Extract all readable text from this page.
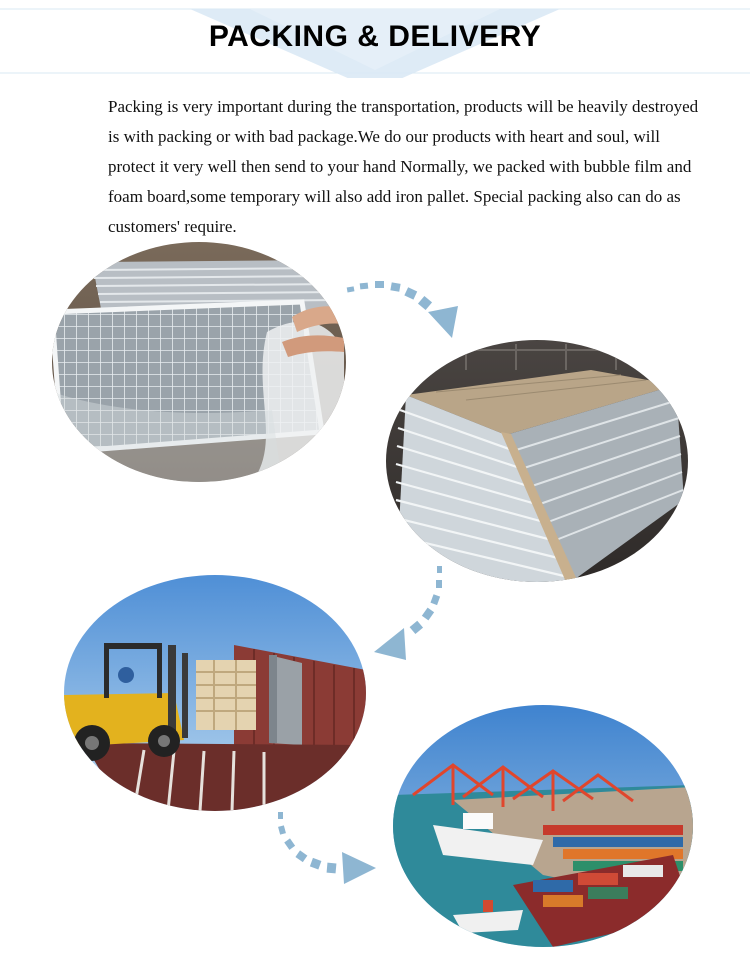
PACKING & DELIVERY

Packing is very important during the transportation, products will be heavily destroyed is with packing or with bad package.We do our products with heart and soul, will protect it very well then send to your hand Normally, we packed with bubble film and foam board,some temporary will also add iron pallet. Special packing also can do as customers' require.
